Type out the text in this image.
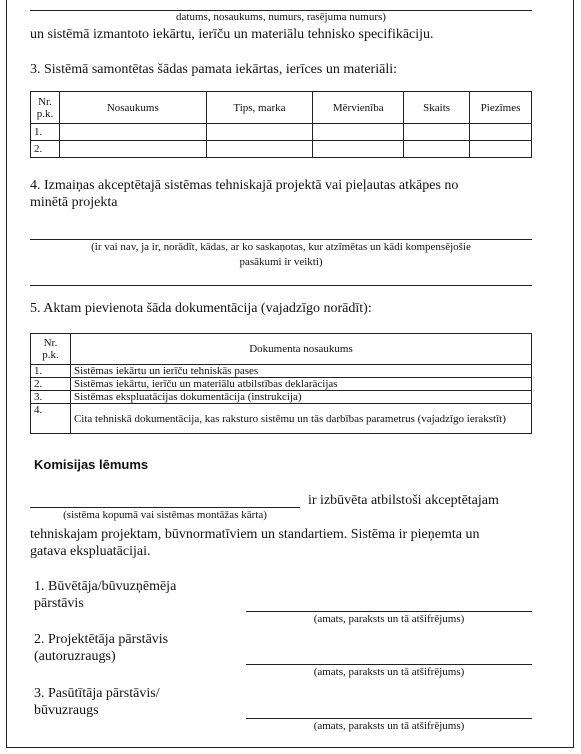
datums, nosaukums, numurs, rasējuma numurs)
un sistēmā izmantoto iekārtu, ierīču un materiālu tehnisko specifikāciju.
3. Sistēmā samontētas šādas pamata iekārtas, ierīces un materiāli:
Nr. p.k.	Nosaukums	Tips, marka	Mērvienība	Skaits	Piezīmes
1.					
2.					
4. Izmaiņas akceptētajā sistēmas tehniskajā projektā vai pieļautas atkāpes no
minētā projekta
(ir vai nav, ja ir, norādīt, kādas, ar ko saskaņotas, kur atzīmētas un kādi kompensējošie
pasākumi ir veikti)
5. Aktam pievienota šāda dokumentācija (vajadzīgo norādīt):
Nr. p.k.	Dokumenta nosaukums
1.	Sistēmas iekārtu un ierīču tehniskās pases
2.	Sistēmas iekārtu, ierīču un materiālu atbilstības deklarācijas
3.	Sistēmas ekspluatācijas dokumentācija (instrukcija)
4.	Cita tehniskā dokumentācija, kas raksturo sistēmu un tās darbības parametrus (vajadzīgo ierakstīt)
Komisijas lēmums
ir izbūvēta atbilstoši akceptētajam
(sistēma kopumā vai sistēmas montāžas kārta)
tehniskajam projektam, būvnormatīviem un standartiem. Sistēma ir pieņemta un
gatava ekspluatācijai.
1. Būvētāja/būvuzņēmēja
pārstāvis
(amats, paraksts un tā atšifrējums)
2. Projektētāja pārstāvis
(autoruzraugs)
(amats, paraksts un tā atšifrējums)
3. Pasūtītāja pārstāvis/
būvuzraugs
(amats, paraksts un tā atšifrējums)
